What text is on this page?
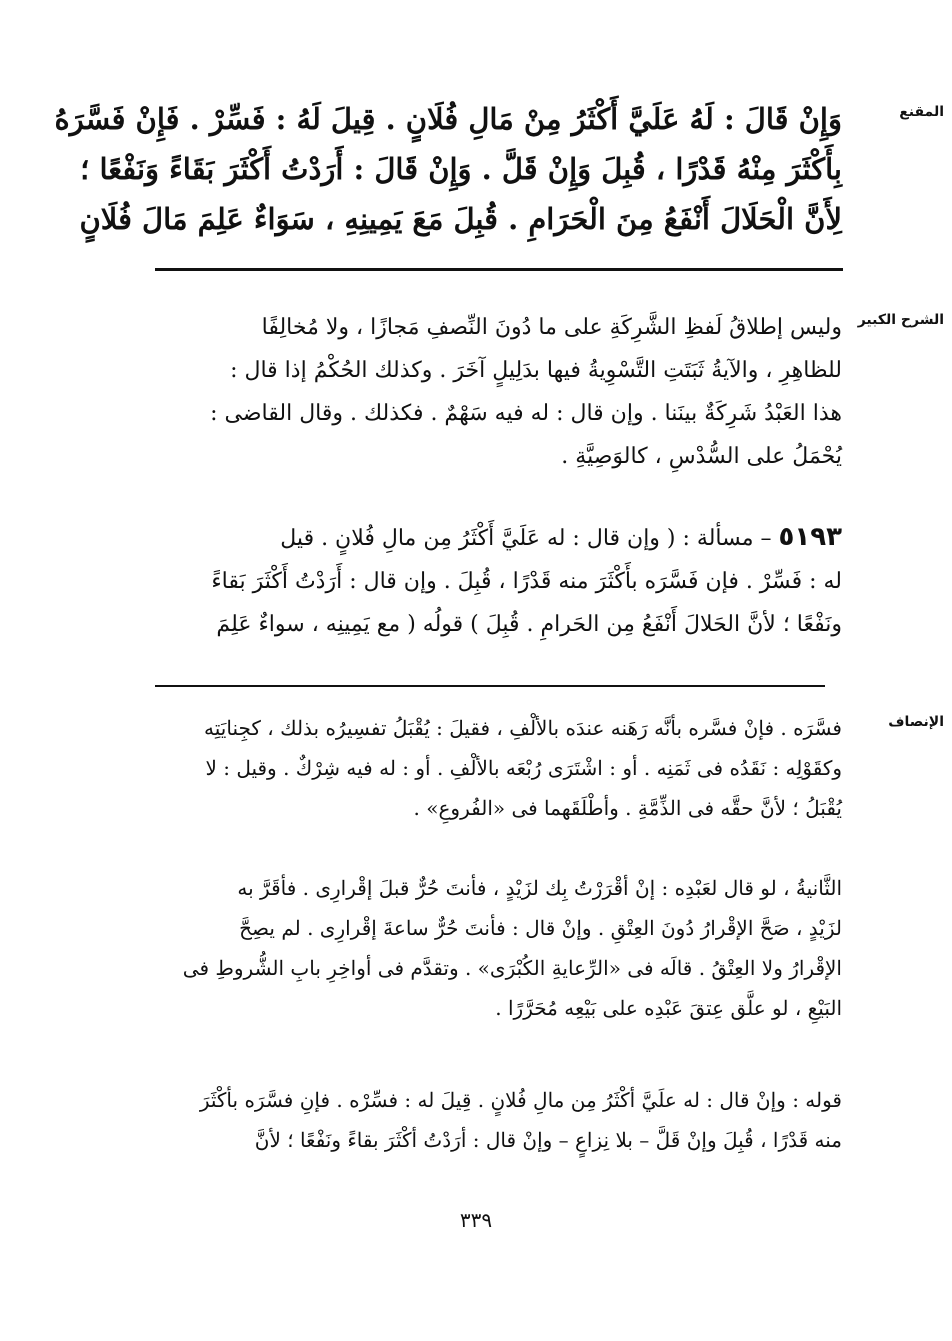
المقنع
وَإِنْ قَالَ : لَهُ عَلَيَّ أَكْثَرُ مِنْ مَالِ فُلَانٍ . قِيلَ لَهُ : فَسِّرْ . فَإِنْ فَسَّرَهُ
بِأَكْثَرَ مِنْهُ قَدْرًا ، قُبِلَ وَإِنْ قَلَّ . وَإِنْ قَالَ : أَرَدْتُ أَكْثَرَ بَقَاءً وَنَفْعًا ؛
لِأَنَّ الْحَلَالَ أَنْفَعُ مِنَ الْحَرَامِ . قُبِلَ مَعَ يَمِينِهِ ، سَوَاءٌ عَلِمَ مَالَ فُلَانٍ
الشرح الكبير
وليس إطلاقُ لَفظِ الشَّرِكَةِ على ما دُونَ النِّصفِ مَجازًا ، ولا مُخالِفًا
للظاهِرِ ، والآيةُ ثَبَتَتِ التَّسْوِيةُ فيها بدَلِيلٍ آخَرَ . وكذلك الحُكْمُ إذا قال :
هذا العَبْدُ شَرِكَةٌ بينَنا . وإن قال : له فيه سَهْمٌ . فكذلك . وقال القاضى :
يُحْمَلُ على السُّدْسِ ، كالوَصِيَّةِ .
٥١٩٣ – مسألة : ( وإن قال : له عَلَيَّ أَكْثَرُ مِن مالِ فُلانٍ . قيل
له : فَسِّرْ . فإن فَسَّرَه بأَكْثَرَ منه قَدْرًا ، قُبِلَ . وإن قال : أَرَدْتُ أَكْثَرَ بَقاءً
ونَفْعًا ؛ لأنَّ الحَلالَ أَنْفَعُ مِن الحَرامِ . قُبِلَ ) قولُه ( مع يَمِينِه ، سواءٌ عَلِمَ
الإنصاف
فسَّرَه . فإنْ فسَّره بأنَّه رَهَنه عندَه بالألْفِ ، فقيلَ : يُقْبَلُ تفسِيرُه بذلك ، كجِنايَتِه
وكقَوْلِه : نَقَدُه فى ثَمَنِه . أو : اشْتَرَى رُبْعَه بالألْفِ . أو : له فيه شِرْكٌ . وقيل : لا
يُقْبَلُ ؛ لأنَّ حقَّه فى الذِّمَّةِ . وأطْلَقَهما فى «الفُروعِ» .
الثَّانيةُ ، لو قال لعَبْدِه : إنْ أقْرَرْتُ بِك لزَيْدٍ ، فأنتَ حُرٌّ قبلَ إقْرارِى . فأقَرَّ به
لزَيْدٍ ، صَحَّ الإقْرارُ دُونَ العِتْقِ . وإنْ قال : فأنتَ حُرٌّ ساعةَ إقْرارِى . لم يصِحَّ
الإقْرارُ ولا العِتْقُ . قالَه فى «الرِّعايةِ الكُبْرَى» . وتقدَّم فى أواخِرِ بابِ الشُّروطِ فى
البَيْعِ ، لو علَّق عِتقَ عَبْدِه على بَيْعِه مُحَرَّرًا .
قوله : وإنْ قال : له علَيَّ أكْثَرُ مِن مالِ فُلانٍ . قِيلَ له : فسِّرْه . فإنِ فسَّرَه بأكْثَرَ
منه قَدْرًا ، قُبِلَ وإنْ قَلَّ – بلا نِزاعٍ – وإنْ قال : أرَدْتُ أكْثَرَ بقاءً ونَفْعًا ؛ لأنَّ
٣٣٩
